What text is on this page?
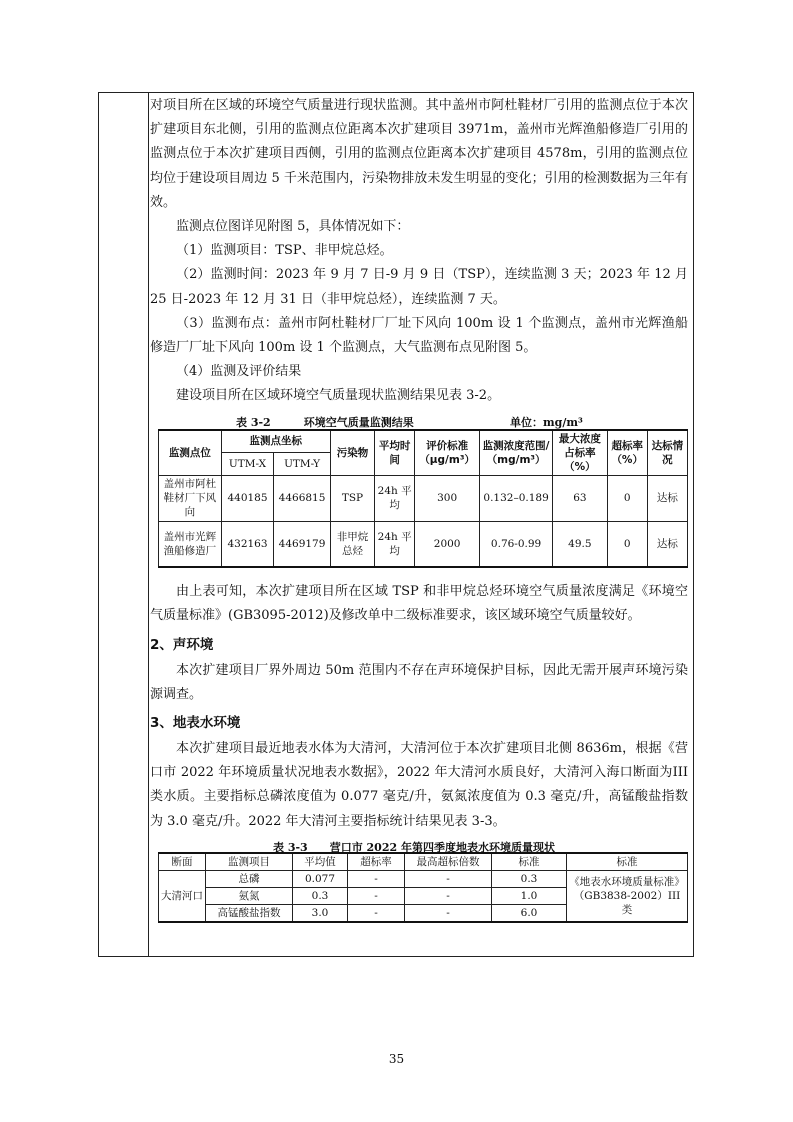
对项目所在区域的环境空气质量进行现状监测。其中盖州市阿杜鞋材厂引用的监测点位于本次扩建项目东北侧，引用的监测点位距离本次扩建项目 3971m，盖州市光辉渔船修造厂引用的监测点位于本次扩建项目西侧，引用的监测点位距离本次扩建项目 4578m，引用的监测点位均位于建设项目周边 5 千米范围内，污染物排放未发生明显的变化；引用的检测数据为三年有效。

监测点位图详见附图 5，具体情况如下：

（1）监测项目：TSP、非甲烷总烃。

（2）监测时间：2023 年 9 月 7 日-9 月 9 日（TSP），连续监测 3 天；2023 年 12 月 25 日-2023 年 12 月 31 日（非甲烷总烃），连续监测 7 天。

（3）监测布点：盖州市阿杜鞋材厂厂址下风向 100m 设 1 个监测点，盖州市光辉渔船修造厂厂址下风向 100m 设 1 个监测点，大气监测布点见附图 5。

（4）监测及评价结果

建设项目所在区域环境空气质量现状监测结果见表 3-2。

表 3-2　　　环境空气质量监测结果	单位：mg/m³
监测点位	监测点坐标		污染物	平均时间	评价标准（μg/m³）	监测浓度范围/（mg/m³）	最大浓度占标率（%）	超标率（%）	达标情况
	UTM-X	UTM-Y							
盖州市阿杜鞋材厂下风向	440185	4466815	TSP	24h 平均	300	0.132–0.189	63	0	达标
盖州市光辉渔船修造厂	432163	4469179	非甲烷总烃	24h 平均	2000	0.76-0.99	49.5	0	达标

由上表可知，本次扩建项目所在区域 TSP 和非甲烷总烃环境空气质量浓度满足《环境空气质量标准》(GB3095-2012)及修改单中二级标准要求，该区域环境空气质量较好。

2、声环境

本次扩建项目厂界外周边 50m 范围内不存在声环境保护目标，因此无需开展声环境污染源调查。

3、地表水环境

本次扩建项目最近地表水体为大清河，大清河位于本次扩建项目北侧 8636m，根据《营口市 2022 年环境质量状况地表水数据》，2022 年大清河水质良好，大清河入海口断面为III类水质。主要指标总磷浓度值为 0.077 毫克/升，氨氮浓度值为 0.3 毫克/升，高锰酸盐指数为 3.0 毫克/升。2022 年大清河主要指标统计结果见表 3-3。

表 3-3　　营口市 2022 年第四季度地表水环境质量现状
断面	监测项目	平均值	超标率	最高超标倍数	标准	标准
大清河口	总磷	0.077	-	-	0.3	《地表水环境质量标准》（GB3838-2002）III类
	氨氮	0.3	-	-	1.0	
	高锰酸盐指数	3.0	-	-	6.0	
35
